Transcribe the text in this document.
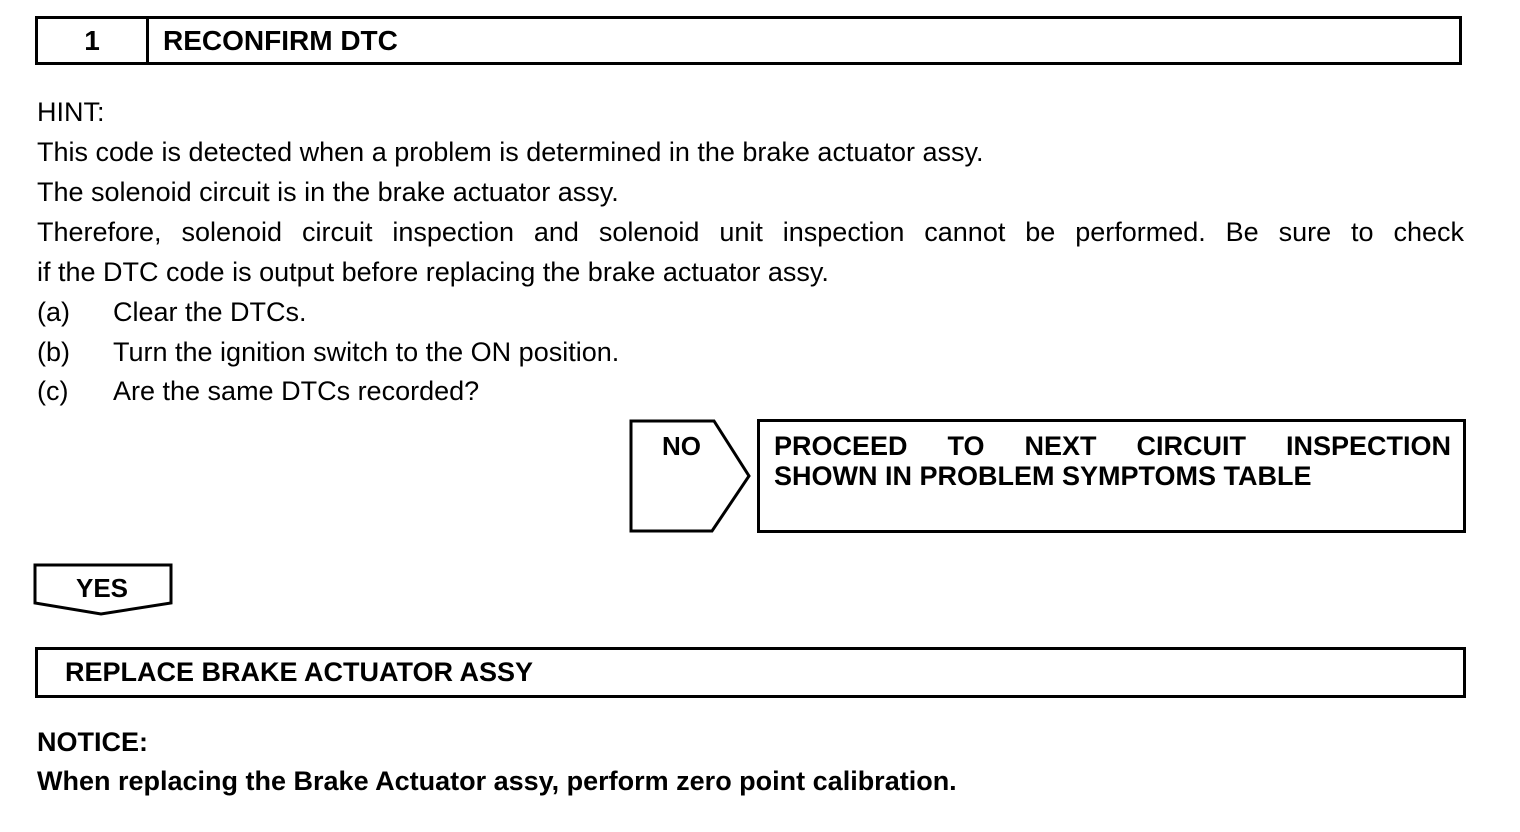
1	RECONFIRM DTC
HINT:
This code is detected when a problem is determined in the brake actuator assy.
The solenoid circuit is in the brake actuator assy.
Therefore, solenoid circuit inspection and solenoid unit inspection cannot be performed. Be sure to check
if the DTC code is output before replacing the brake actuator assy.
(a) Clear the DTCs.
(b) Turn the ignition switch to the ON position.
(c) Are the same DTCs recorded?
NO	PROCEED TO NEXT CIRCUIT INSPECTION
SHOWN IN PROBLEM SYMPTOMS TABLE
YES
REPLACE BRAKE ACTUATOR ASSY
NOTICE:
When replacing the Brake Actuator assy, perform zero point calibration.
